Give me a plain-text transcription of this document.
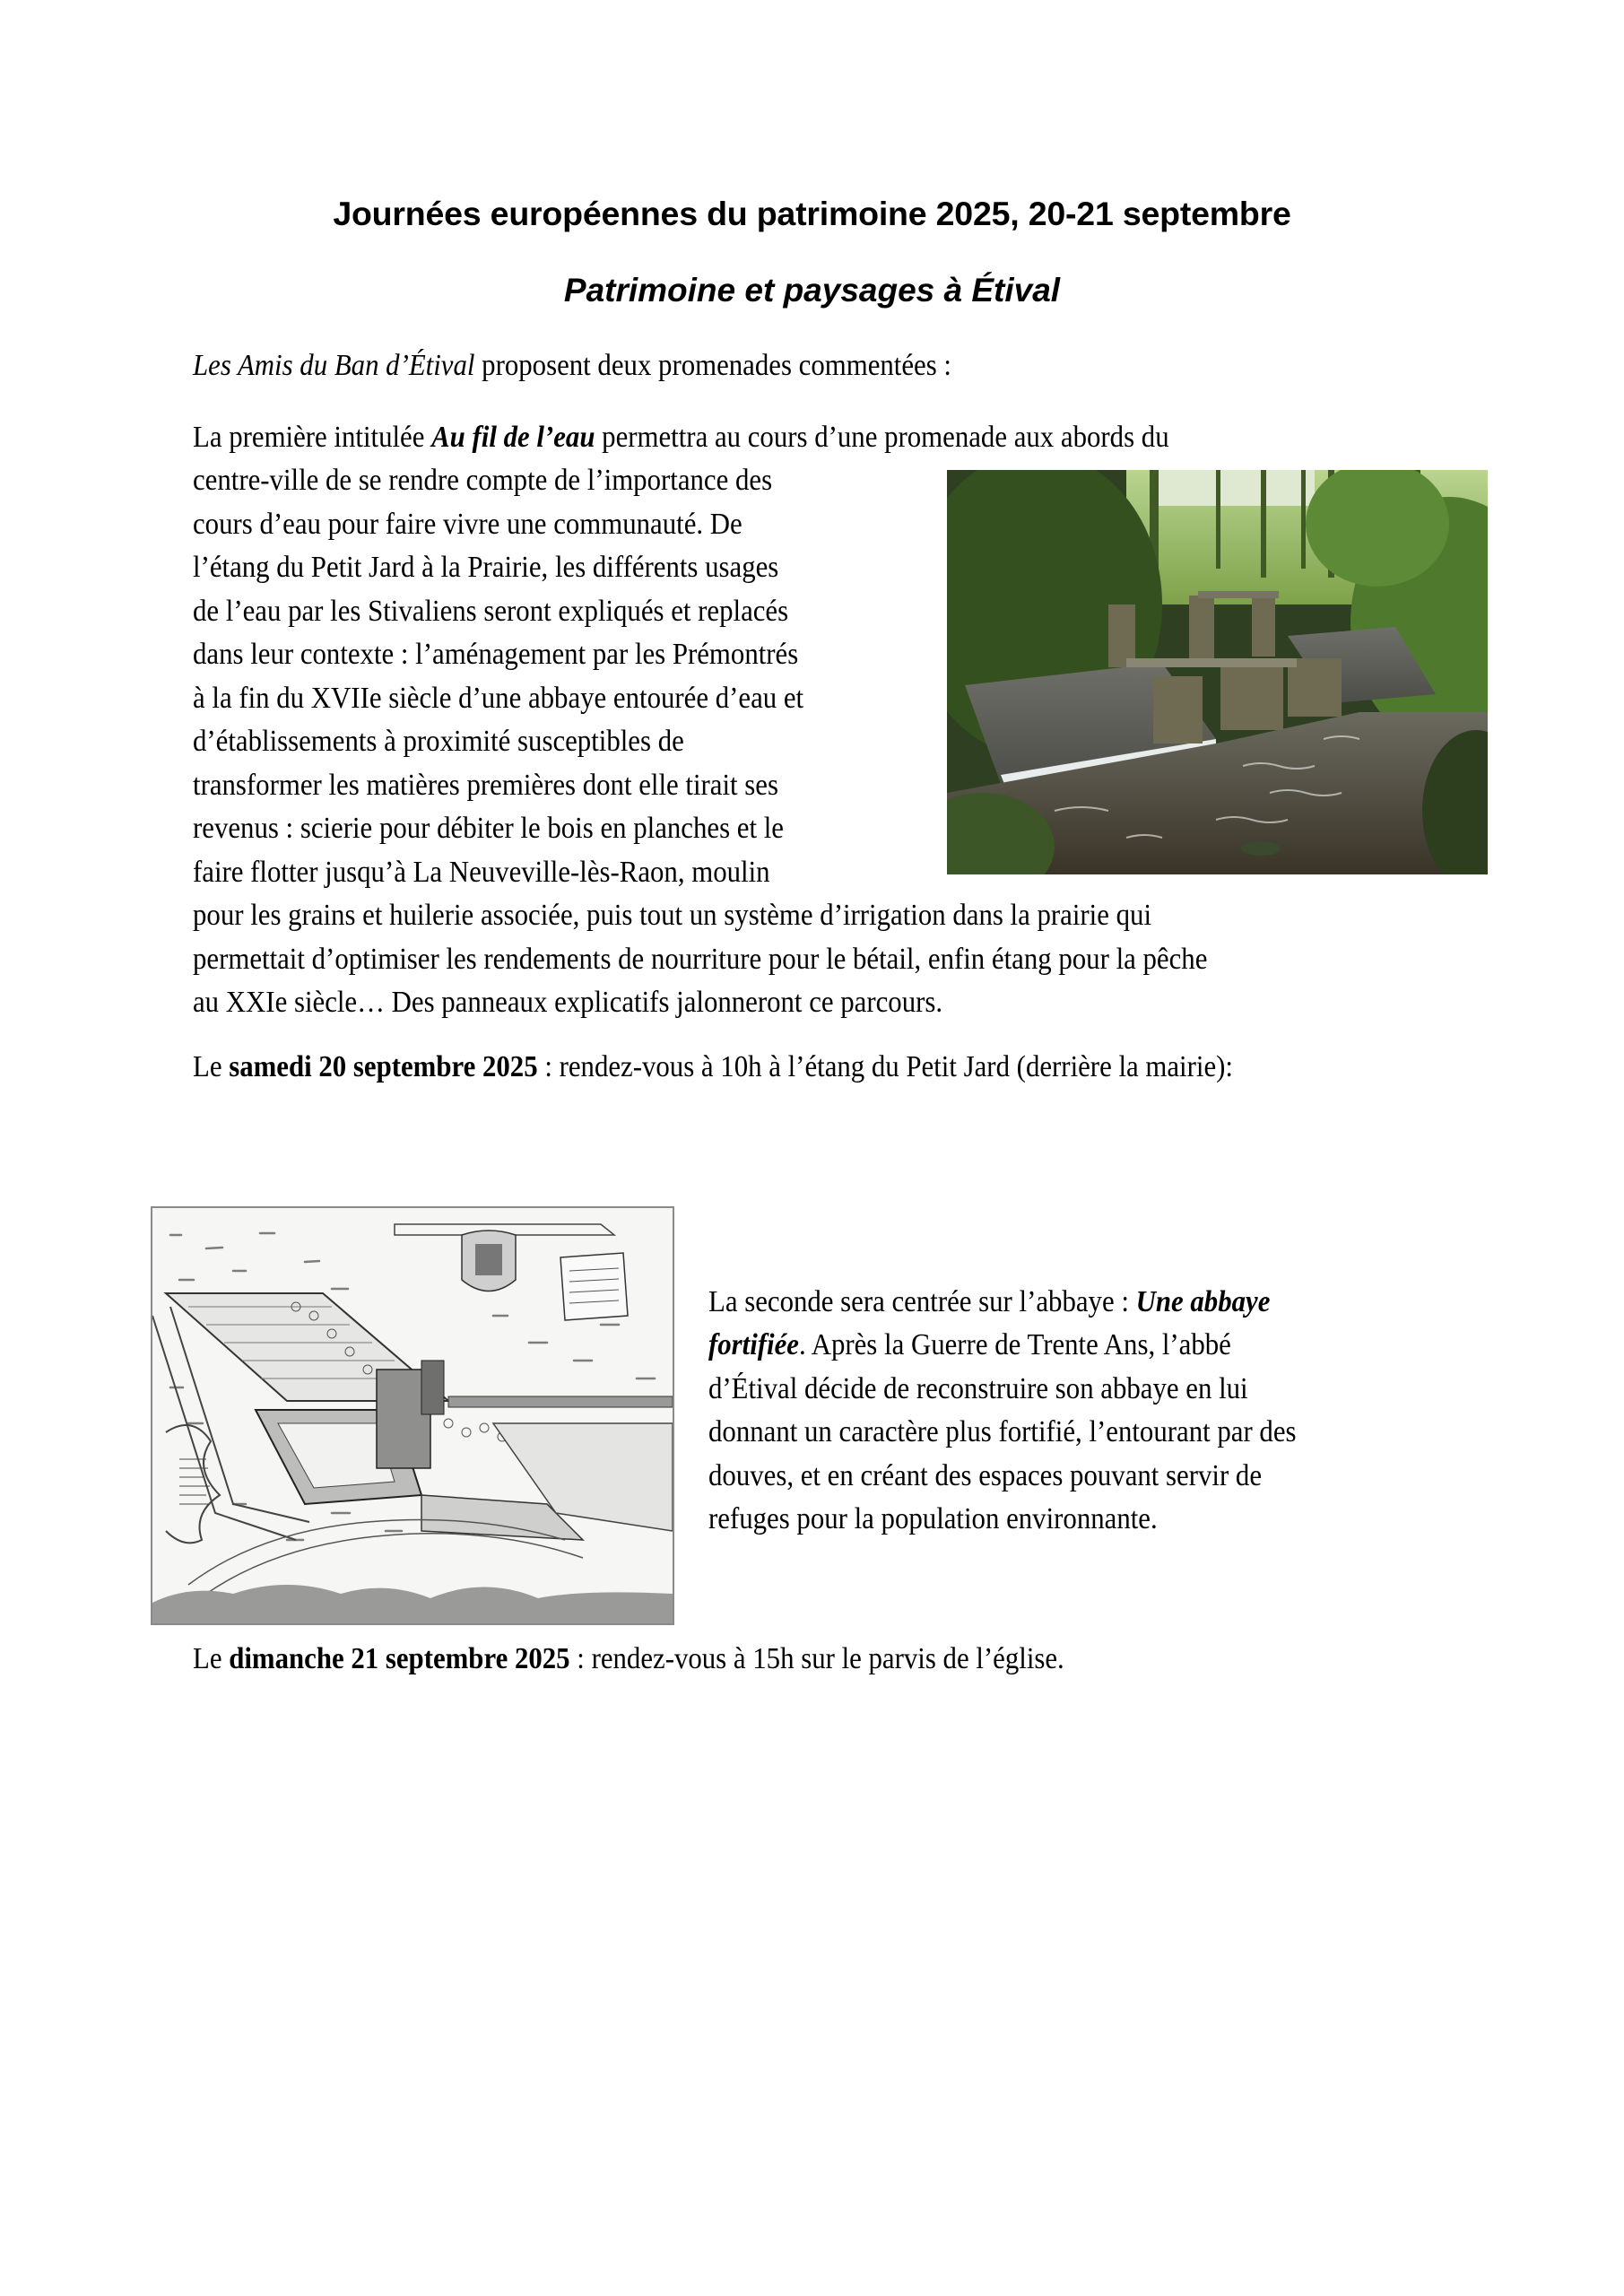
Journées européennes du patrimoine 2025, 20-21 septembre
Patrimoine et paysages à Étival
Les Amis du Ban d’Étival proposent deux promenades commentées :
La première intitulée Au fil de l’eau permettra au cours d’une promenade aux abords du
centre-ville de se rendre compte de l’importance des
cours d’eau pour faire vivre une communauté. De
l’étang du Petit Jard à la Prairie, les différents usages
de l’eau par les Stivaliens seront expliqués et replacés
dans leur contexte : l’aménagement par les Prémontrés
à la fin du XVIIe siècle d’une abbaye entourée d’eau et
d’établissements à proximité susceptibles de
transformer les matières premières dont elle tirait ses
revenus : scierie pour débiter le bois en planches et le
faire flotter jusqu’à La Neuveville-lès-Raon, moulin
pour les grains et huilerie associée, puis tout un système d’irrigation dans la prairie qui
permettait d’optimiser les rendements de nourriture pour le bétail, enfin étang pour la pêche
au XXIe siècle… Des panneaux explicatifs jalonneront ce parcours.
Le samedi 20 septembre 2025 : rendez-vous à 10h à l’étang du Petit Jard (derrière la mairie):
La seconde sera centrée sur l’abbaye : Une abbaye
fortifiée. Après la Guerre de Trente Ans, l’abbé
d’Étival décide de reconstruire son abbaye en lui
donnant un caractère plus fortifié, l’entourant par des
douves, et en créant des espaces pouvant servir de
refuges pour la population environnante.
Le dimanche 21 septembre 2025 : rendez-vous à 15h sur le parvis de l’église.
